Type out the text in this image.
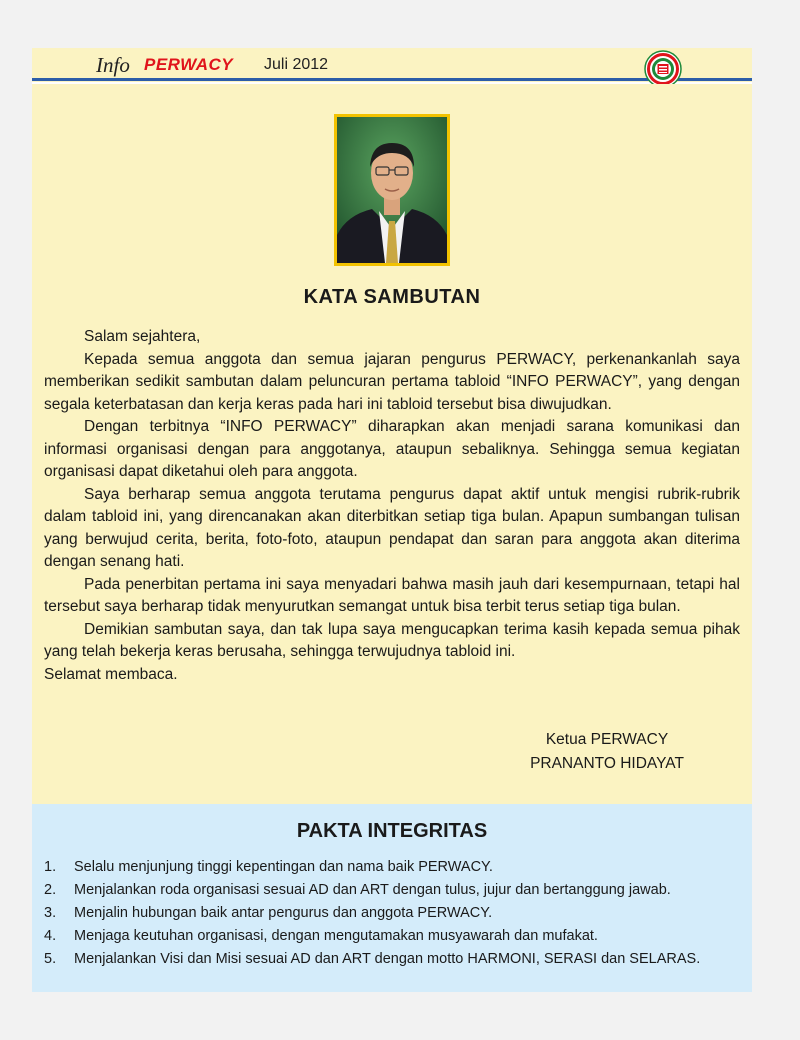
Info PERWACY Juli 2012
KATA SAMBUTAN

Salam sejahtera,

Kepada semua anggota dan semua jajaran pengurus PERWACY, perkenankanlah saya memberikan sedikit sambutan dalam peluncuran pertama tabloid “INFO PERWACY”, yang dengan segala keterbatasan dan kerja keras pada hari ini tabloid tersebut bisa diwujudkan.

Dengan terbitnya “INFO PERWACY” diharapkan akan menjadi sarana komunikasi dan informasi organisasi dengan para anggotanya, ataupun sebaliknya. Sehingga semua kegiatan organisasi dapat diketahui oleh para anggota.

Saya berharap semua anggota terutama pengurus dapat aktif untuk mengisi rubrik-rubrik dalam tabloid ini, yang direncanakan akan diterbitkan setiap tiga bulan. Apapun sumbangan tulisan yang berwujud cerita, berita, foto-foto, ataupun pendapat dan saran para anggota akan diterima dengan senang hati.

Pada penerbitan pertama ini saya menyadari bahwa masih jauh dari kesempurnaan, tetapi hal tersebut saya berharap tidak menyurutkan semangat untuk bisa terbit terus setiap tiga bulan.

Demikian sambutan saya, dan tak lupa saya mengucapkan terima kasih kepada semua pihak yang telah bekerja keras berusaha, sehingga terwujudnya tabloid ini.

Selamat membaca.

Ketua PERWACY
PRANANTO HIDAYAT
PAKTA INTEGRITAS
1. Selalu menjunjung tinggi kepentingan dan nama baik PERWACY.
2. Menjalankan roda organisasi sesuai AD dan ART dengan tulus, jujur dan bertanggung jawab.
3. Menjalin hubungan baik antar pengurus dan anggota PERWACY.
4. Menjaga keutuhan organisasi, dengan mengutamakan musyawarah dan mufakat.
5. Menjalankan Visi dan Misi sesuai AD dan ART dengan motto HARMONI, SERASI dan SELARAS.
